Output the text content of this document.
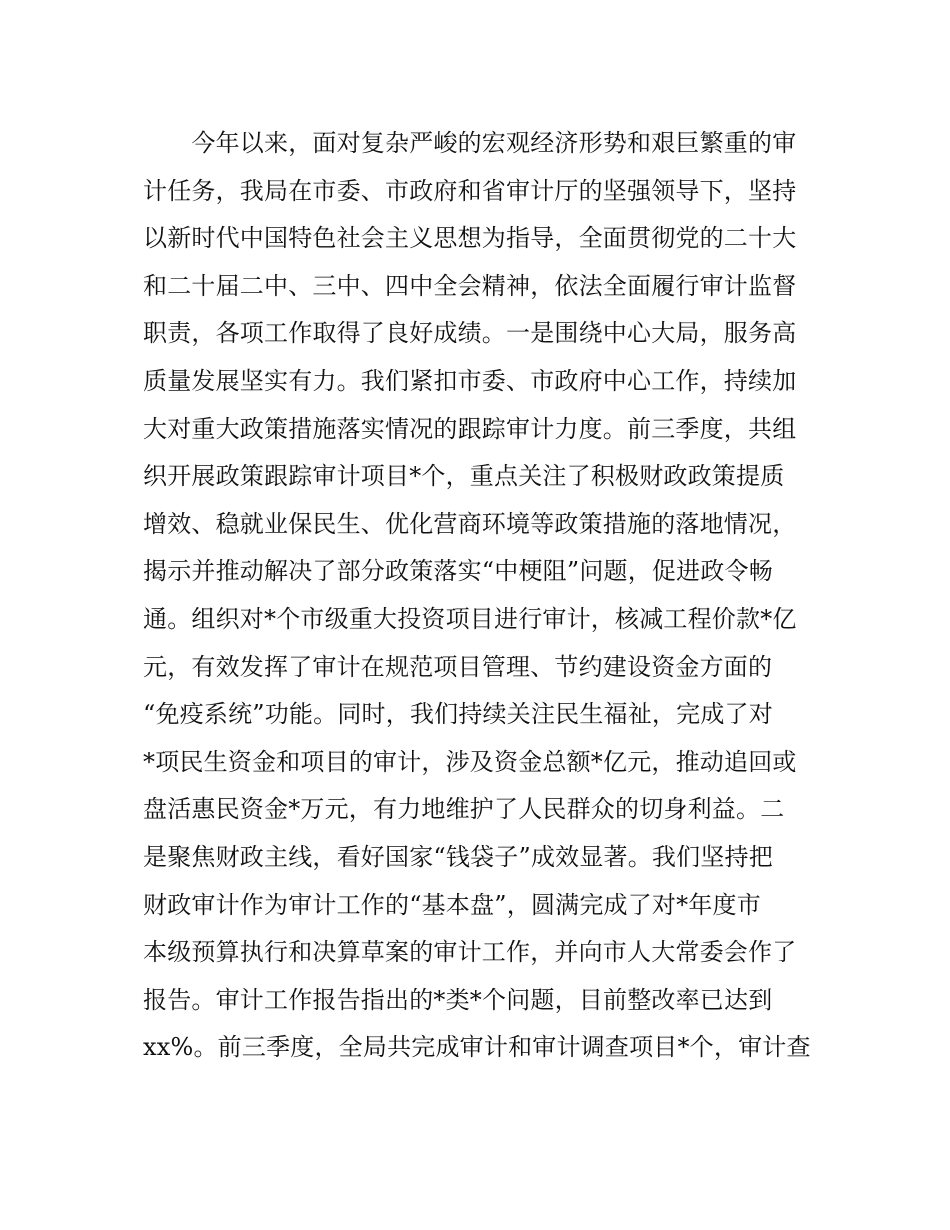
　　今年以来，面对复杂严峻的宏观经济形势和艰巨繁重的审
计任务，我局在市委、市政府和省审计厅的坚强领导下，坚持
以新时代中国特色社会主义思想为指导，全面贯彻党的二十大
和二十届二中、三中、四中全会精神，依法全面履行审计监督
职责，各项工作取得了良好成绩。一是围绕中心大局，服务高
质量发展坚实有力。我们紧扣市委、市政府中心工作，持续加
大对重大政策措施落实情况的跟踪审计力度。前三季度，共组
织开展政策跟踪审计项目*个，重点关注了积极财政政策提质
增效、稳就业保民生、优化营商环境等政策措施的落地情况，
揭示并推动解决了部分政策落实“中梗阻”问题，促进政令畅
通。组织对*个市级重大投资项目进行审计，核减工程价款*亿
元，有效发挥了审计在规范项目管理、节约建设资金方面的
“免疫系统”功能。同时，我们持续关注民生福祉，完成了对
*项民生资金和项目的审计，涉及资金总额*亿元，推动追回或
盘活惠民资金*万元，有力地维护了人民群众的切身利益。二
是聚焦财政主线，看好国家“钱袋子”成效显著。我们坚持把
财政审计作为审计工作的“基本盘”，圆满完成了对*年度市
本级预算执行和决算草案的审计工作，并向市人大常委会作了
报告。审计工作报告指出的*类*个问题，目前整改率已达到
xx%。前三季度，全局共完成审计和审计调查项目*个，审计查
